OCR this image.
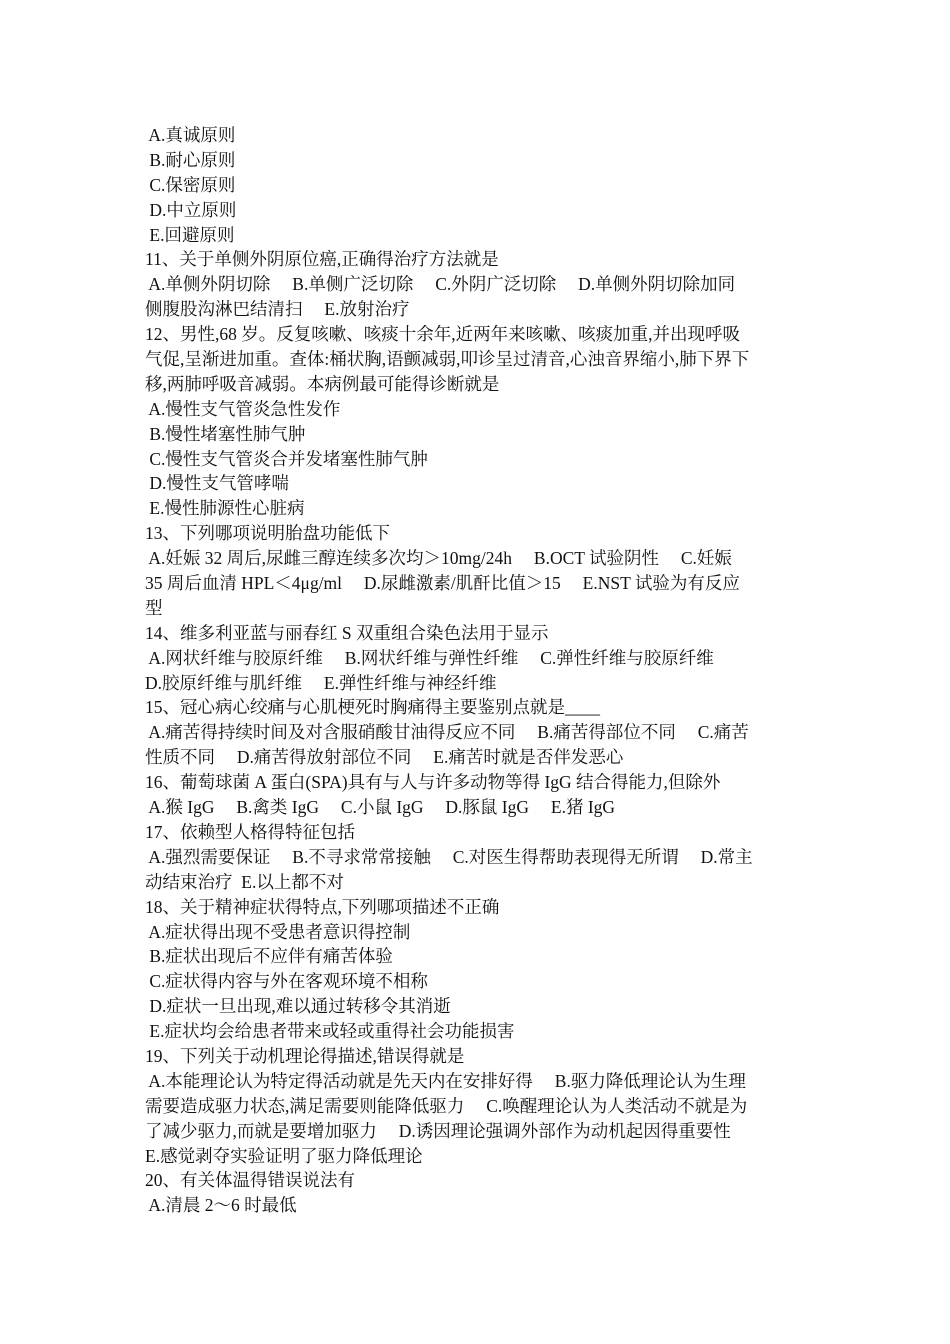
A.真诚原则
B.耐心原则
C.保密原则
D.中立原则
E.回避原则
11、关于单侧外阴原位癌,正确得治疗方法就是
A.单侧外阴切除     B.单侧广泛切除     C.外阴广泛切除     D.单侧外阴切除加同
侧腹股沟淋巴结清扫     E.放射治疗
12、男性,68 岁。反复咳嗽、咳痰十余年,近两年来咳嗽、咳痰加重,并出现呼吸
气促,呈渐进加重。查体:桶状胸,语颤减弱,叩诊呈过清音,心浊音界缩小,肺下界下
移,两肺呼吸音减弱。本病例最可能得诊断就是
A.慢性支气管炎急性发作
B.慢性堵塞性肺气肿
C.慢性支气管炎合并发堵塞性肺气肿
D.慢性支气管哮喘
E.慢性肺源性心脏病
13、下列哪项说明胎盘功能低下
A.妊娠 32 周后,尿雌三醇连续多次均＞10mg/24h     B.OCT 试验阴性     C.妊娠
35 周后血清 HPL＜4μg/ml     D.尿雌激素/肌酐比值＞15     E.NST 试验为有反应
型
14、维多利亚蓝与丽春红 S 双重组合染色法用于显示
A.网状纤维与胶原纤维     B.网状纤维与弹性纤维     C.弹性纤维与胶原纤维
D.胶原纤维与肌纤维     E.弹性纤维与神经纤维
15、冠心病心绞痛与心肌梗死时胸痛得主要鉴别点就是____
A.痛苦得持续时间及对含服硝酸甘油得反应不同     B.痛苦得部位不同     C.痛苦
性质不同     D.痛苦得放射部位不同     E.痛苦时就是否伴发恶心
16、葡萄球菌 A 蛋白(SPA)具有与人与许多动物等得 IgG 结合得能力,但除外
A.猴 IgG     B.禽类 IgG     C.小鼠 IgG     D.豚鼠 IgG     E.猪 IgG
17、依赖型人格得特征包括
A.强烈需要保证     B.不寻求常常接触     C.对医生得帮助表现得无所谓     D.常主
动结束治疗  E.以上都不对
18、关于精神症状得特点,下列哪项描述不正确
A.症状得出现不受患者意识得控制
B.症状出现后不应伴有痛苦体验
C.症状得内容与外在客观环境不相称
D.症状一旦出现,难以通过转移令其消逝
E.症状均会给患者带来或轻或重得社会功能损害
19、下列关于动机理论得描述,错误得就是
A.本能理论认为特定得活动就是先天内在安排好得     B.驱力降低理论认为生理
需要造成驱力状态,满足需要则能降低驱力     C.唤醒理论认为人类活动不就是为
了减少驱力,而就是要增加驱力     D.诱因理论强调外部作为动机起因得重要性
E.感觉剥夺实验证明了驱力降低理论
20、有关体温得错误说法有
A.清晨 2～6 时最低
